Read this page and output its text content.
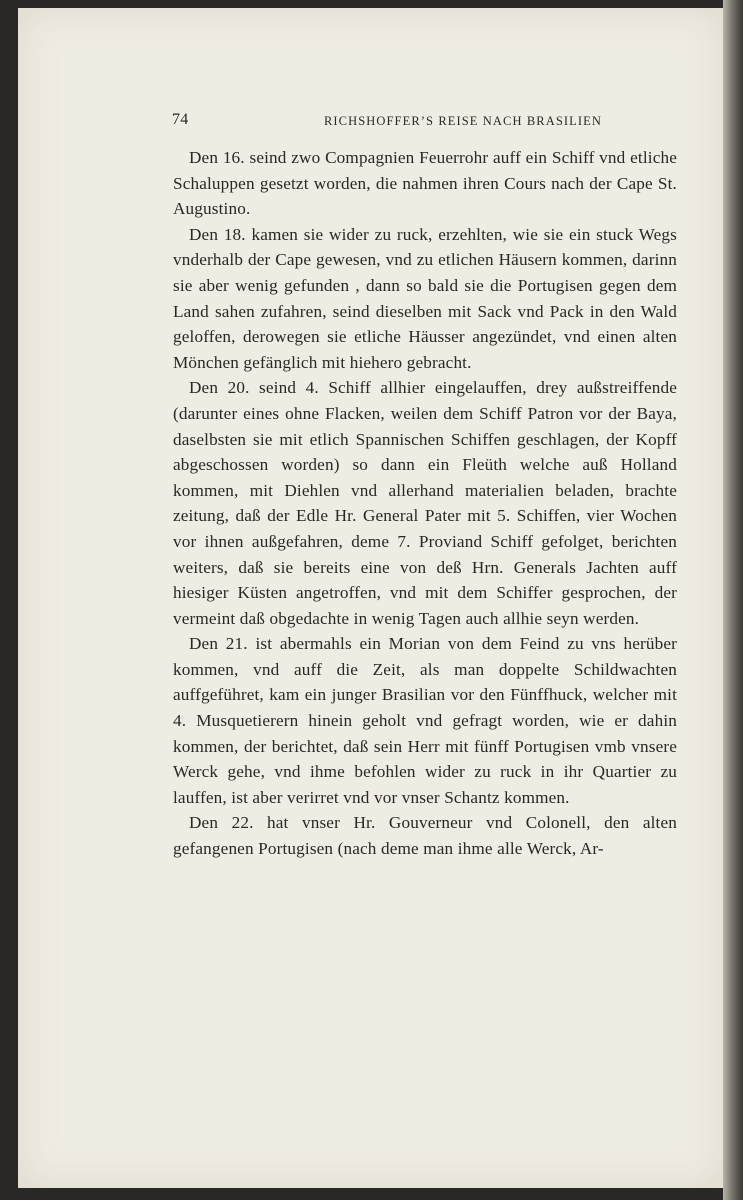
74	RICHSHOFFER’S REISE NACH BRASILIEN

Den 16. seind zwo Compagnien Feuerrohr auff ein Schiff vnd etliche Schaluppen gesetzt worden, die nahmen ihren Cours nach der Cape St. Augustino.

Den 18. kamen sie wider zu ruck, erzehlten, wie sie ein stuck Wegs vnderhalb der Cape gewesen, vnd zu etlichen Häusern kommen, darinn sie aber wenig gefunden , dann so bald sie die Portugisen gegen dem Land sahen zufahren, seind dieselben mit Sack vnd Pack in den Wald geloffen, derowegen sie etliche Häusser angezündet, vnd einen alten Mönchen gefänglich mit hiehero gebracht.

Den 20. seind 4. Schiff allhier eingelauffen, drey außstreiffende (darunter eines ohne Flacken, weilen dem Schiff Patron vor der Baya, daselbsten sie mit etlich Spannischen Schiffen geschlagen, der Kopff abgeschossen worden) so dann ein Fleüth welche auß Holland kommen, mit Diehlen vnd allerhand materialien beladen, brachte zeitung, daß der Edle Hr. General Pater mit 5. Schiffen, vier Wochen vor ihnen außgefahren, deme 7. Proviand Schiff gefolget, berichten weiters, daß sie bereits eine von deß Hrn. Generals Jachten auff hiesiger Küsten angetroffen, vnd mit dem Schiffer gesprochen, der vermeint daß obgedachte in wenig Tagen auch allhie seyn werden.

Den 21. ist abermahls ein Morian von dem Feind zu vns herüber kommen, vnd auff die Zeit, als man doppelte Schildwachten auffgeführet, kam ein junger Brasilian vor den Fünffhuck, welcher mit 4. Musquetierern hinein geholt vnd gefragt worden, wie er dahin kommen, der berichtet, daß sein Herr mit fünff Portugisen vmb vnsere Werck gehe, vnd ihme befohlen wider zu ruck in ihr Quartier zu lauffen, ist aber verirret vnd vor vnser Schantz kommen.

Den 22. hat vnser Hr. Gouverneur vnd Colonell, den alten gefangenen Portugisen (nach deme man ihme alle Werck, Ar-
